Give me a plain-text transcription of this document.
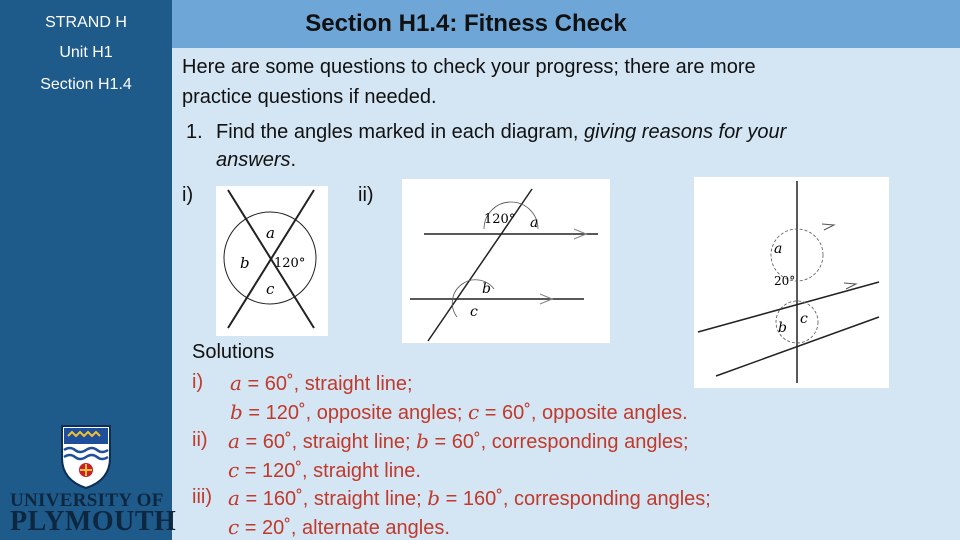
STRAND H
Unit H1
Section H1.4
UNIVERSITY OF
PLYMOUTH
Section H1.4: Fitness Check
Here are some questions to check your progress; there are more
practice questions if needed.
1. Find the angles marked in each diagram, giving reasons for your
answers.
i)	ii)
a
b 120°
c
120° a
b
c
a
20°
b
c
Solutions
i) a = 60˚, straight line;
b = 120˚, opposite angles; c = 60˚, opposite angles.
ii) a = 60˚, straight line; b = 60˚, corresponding angles;
c = 120˚, straight line.
iii) a = 160˚, straight line; b = 160˚, corresponding angles;
c = 20˚, alternate angles.
